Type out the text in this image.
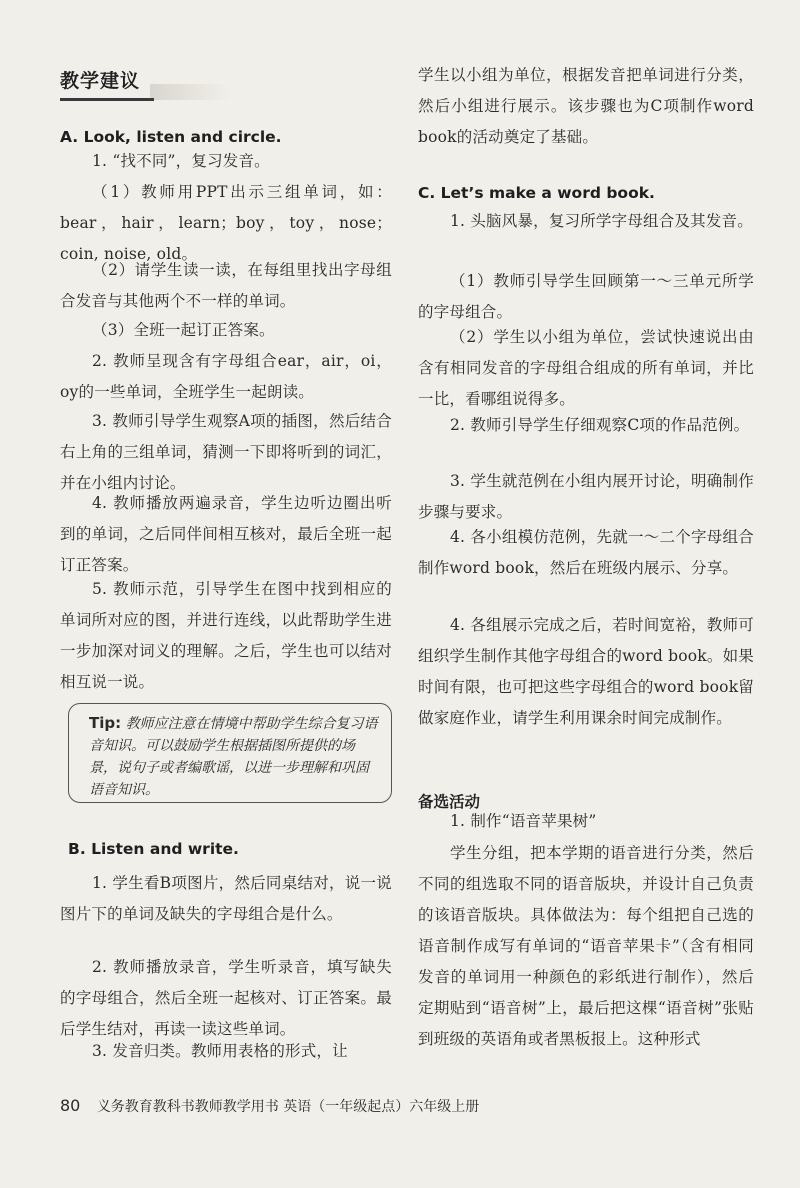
教学建议
A. Look, listen and circle.

1. “找不同”，复习发音。

（1）教师用PPT出示三组单词，如：bear，hair，learn；boy，toy，nose；coin, noise, old。

（2）请学生读一读，在每组里找出字母组合发音与其他两个不一样的单词。

（3）全班一起订正答案。

2. 教师呈现含有字母组合ear，air，oi，oy的一些单词，全班学生一起朗读。

3. 教师引导学生观察A项的插图，然后结合右上角的三组单词，猜测一下即将听到的词汇，并在小组内讨论。

4. 教师播放两遍录音，学生边听边圈出听到的单词，之后同伴间相互核对，最后全班一起订正答案。

5. 教师示范，引导学生在图中找到相应的单词所对应的图，并进行连线，以此帮助学生进一步加深对词义的理解。之后，学生也可以结对相互说一说。

B. Listen and write.

1. 学生看B项图片，然后同桌结对，说一说图片下的单词及缺失的字母组合是什么。

2. 教师播放录音，学生听录音，填写缺失的字母组合，然后全班一起核对、订正答案。最后学生结对，再读一读这些单词。

3. 发音归类。教师用表格的形式，让

Tip: 教师应注意在情境中帮助学生综合复习语音知识。可以鼓励学生根据插图所提供的场景，说句子或者编歌谣，以进一步理解和巩固语音知识。

学生以小组为单位，根据发音把单词进行分类，然后小组进行展示。该步骤也为C项制作word book的活动奠定了基础。

C. Let’s make a word book.

1. 头脑风暴，复习所学字母组合及其发音。

（1）教师引导学生回顾第一～三单元所学的字母组合。

（2）学生以小组为单位，尝试快速说出由含有相同发音的字母组合组成的所有单词，并比一比，看哪组说得多。

2. 教师引导学生仔细观察C项的作品范例。

3. 学生就范例在小组内展开讨论，明确制作步骤与要求。

4. 各小组模仿范例，先就一～二个字母组合制作word book，然后在班级内展示、分享。

4. 各组展示完成之后，若时间宽裕，教师可组织学生制作其他字母组合的word book。如果时间有限，也可把这些字母组合的word book留做家庭作业，请学生利用课余时间完成制作。

备选活动

1. 制作“语音苹果树”

学生分组，把本学期的语音进行分类，然后不同的组选取不同的语音版块，并设计自己负责的该语音版块。具体做法为：每个组把自己选的语音制作成写有单词的“语音苹果卡”（含有相同发音的单词用一种颜色的彩纸进行制作），然后定期贴到“语音树”上，最后把这棵“语音树”张贴到班级的英语角或者黑板报上。这种形式

80 义务教育教科书教师教学用书 英语（一年级起点）六年级上册
